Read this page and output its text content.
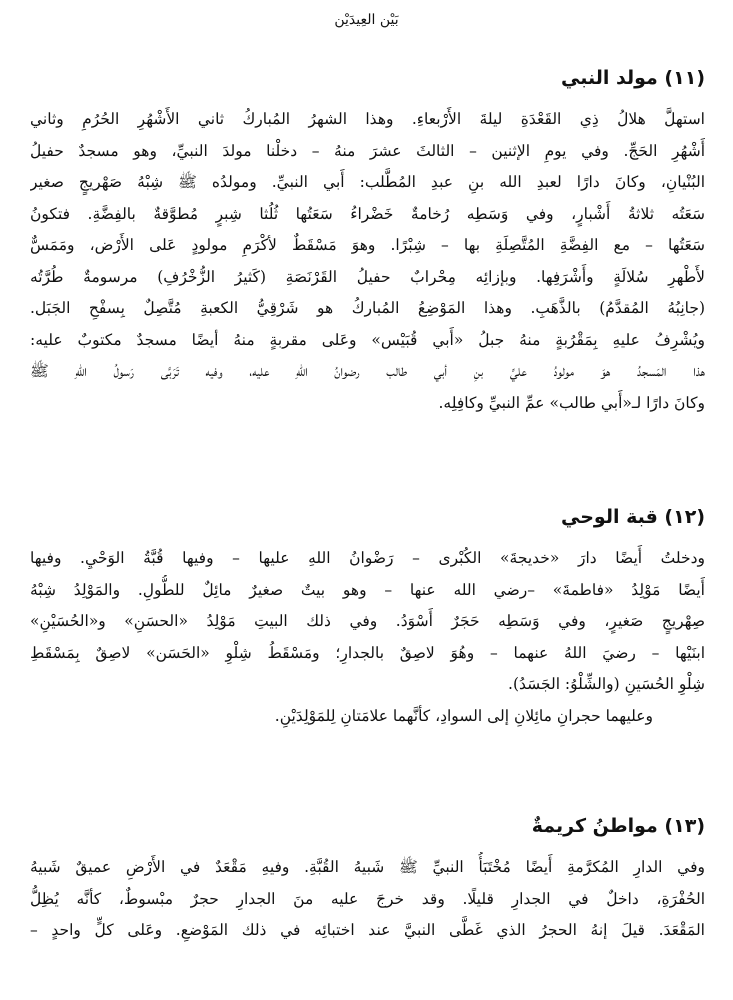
بَيْن العِيدَيْن
(١١) مولد النبي

استهلَّ هلالُ ذِي القَعْدَةِ ليلةَ الأَرْبعاءِ. وهذا الشهرُ المُباركُ ثاني الأَشْهُرِ الحُرُمِ وثاني
أَشْهُرِ الحَجِّ. وفي يومِ الإثنين – الثالثَ عشرَ منهُ – دخلْنا مولدَ النبيِّ، وهو مسجدٌ حفيلُ
البُنْيانِ، وكانَ دارًا لعبدِ الله بنِ عبدِ المُطَّلب: أَبي النبيِّ. ومولدُه ﷺ شِبْهُ صَهْريجٍ صغير
سَعَتُه ثلاثةُ أَشْبارٍ، وفي وَسَطِه رُخامةٌ خَضْراءُ سَعَتُها ثُلُثا شِبرٍ مُطوَّقةٌ بالفِضَّةِ. فتكونُ
سَعَتُها – مع الفِضَّةِ المُتَّصِلَةِ بها – شِبْرًا. وهوَ مَسْقَطٌ لأكْرَمِ مولودٍ عَلى الأَرْض، ومَمَسٌّ
لأَطْهرِ سُلالَةٍ وأَشْرَفِها. وبإزائِه مِحْرابٌ حفيلُ القَرْنَصَةِ (كَثيرُ الزُّخْرُفِ) مرسومةٌ طُرَّتُه
(جانِبُهُ المُقدَّمُ) بالذَّهَبِ. وهذا المَوْضِعُ المُباركُ هو شَرْقِيُّ الكعبةِ مُتَّصِلٌ بِسفْحِ الجَبَل.
ويُشْرِفُ عليهِ بِمَقْرُبةٍ منهُ جبلُ «أَبي قُبَيْس» وعَلى مقربةٍ منهُ أيضًا مسجدٌ مكتوبٌ عليه:
هذا المَسجدُ هوَ مولودُ عليِّ بنِ أبي طالب رضوانُ اللهِ عليه، وفيه تَرَبَّى رَسولُ اللهِ ﷺ
وكانَ دارًا لـ«أَبي طالب» عمِّ النبيِّ وكافِلِه.

(١٢) قبة الوحي

ودخلتُ أَيضًا دارَ «خديجةَ» الكُبْرى – رَضْوانُ اللهِ عليها – وفيها قُبَّةُ الوَحْيِ. وفيها
أَيضًا مَوْلِدُ «فاطمةَ» –رضي الله عنها – وهو بيتٌ صغيرٌ مائِلٌ للطُّولِ. والمَوْلِدُ شِبْهُ
صِهْريجٍ صَغيرٍ، وفي وَسَطِه حَجَرٌ أَسْوَدُ. وفي ذلك البيتِ مَوْلِدُ «الحسَنِ» و«الحُسَيْنِ»
ابنَيْها – رضيَ اللهُ عنهما – وهُوَ لاصِقٌ بالجدارِ؛ ومَسْقَطُ شِلْوِ «الحَسَن» لاصِقٌ بِمَسْقَطِ
شِلْوِ الحُسَينِ (والشِّلْوُ: الجَسَدُ).

وعليهما حجرانِ مائِلانِ إلى السوادِ، كأنَّهما علامَتانِ لِلمَوْلِدَيْنِ.

(١٣) مواطنُ كريمةٌ

وفي الدارِ المُكرَّمةِ أَيضًا مُخْتَبَأُ النبيِّ ﷺ شَبيهُ القُبَّةِ. وفيهِ مَقْعَدٌ في الأَرْضِ عميقٌ شَبيهُ
الحُفْرَةِ، داخلٌ في الجدارِ قليلًا. وقد خرجَ عليه منَ الجدارِ حجرٌ مبْسوطٌ، كأنَّه يُظِلُّ
المَقْعَدَ. قيلَ إنهُ الحجرُ الذي غَطَّى النبيَّ عند اختبائِه في ذلك المَوْضعِ. وعَلى كلٍّ واحدٍ –
